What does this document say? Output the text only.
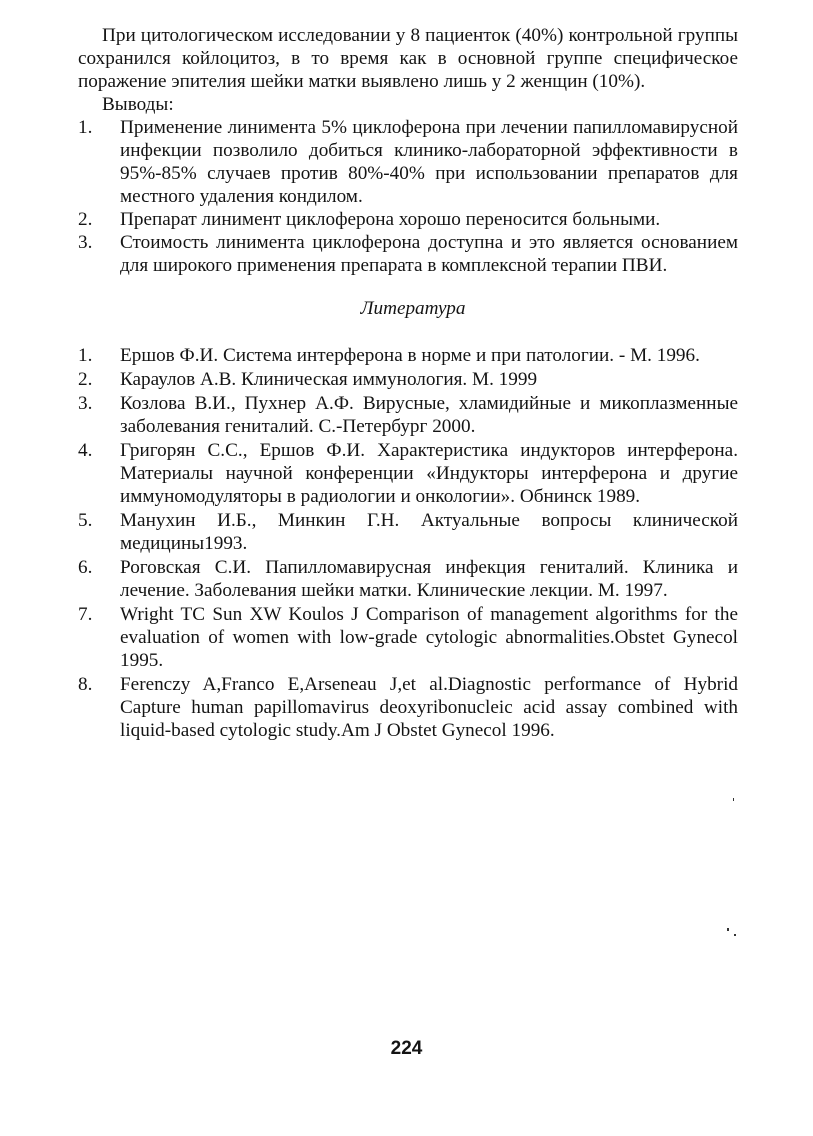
При цитологическом исследовании у 8 пациенток (40%) контрольной группы сохранился койлоцитоз, в то время как в основной группе специфическое поражение эпителия шейки матки выявлено лишь у 2 женщин (10%).

Выводы:

1.	Применение линимента 5% циклоферона при лечении папилломавирусной инфекции позволило добиться клинико-лабораторной эффективности в 95%-85% случаев против 80%-40% при использовании препаратов для местного удаления кондилом.
2.	Препарат линимент циклоферона хорошо переносится больными.
3.	Стоимость линимента циклоферона доступна и это является основанием для широкого применения препарата в комплексной терапии ПВИ.

Литература

1.	Ершов Ф.И. Система интерферона в норме и при патологии. - М. 1996.
2.	Караулов А.В. Клиническая иммунология. М. 1999
3.	Козлова В.И., Пухнер А.Ф. Вирусные, хламидийные и микоплазменные заболевания гениталий. С.-Петербург 2000.
4.	Григорян С.С., Ершов Ф.И. Характеристика индукторов интерферона. Материалы научной конференции «Индукторы интерферона и другие иммуномодуляторы в радиологии и онкологии». Обнинск 1989.
5.	Манухин И.Б., Минкин Г.Н. Актуальные вопросы клинической медицины1993.
6.	Роговская С.И. Папилломавирусная инфекция гениталий. Клиника и лечение. Заболевания шейки матки. Клинические лекции. М. 1997.
7.	Wright TC Sun XW Koulos J Comparison of management algorithms for the evaluation of women with low-grade cytologic abnormalities.Obstet Gynecol 1995.
8.	Ferenczy A,Franco E,Arseneau J,et al.Diagnostic performance of Hybrid Capture human papillomavirus deoxyribonucleic acid assay combined with liquid-based cytologic study.Am J Obstet Gynecol 1996.
224
